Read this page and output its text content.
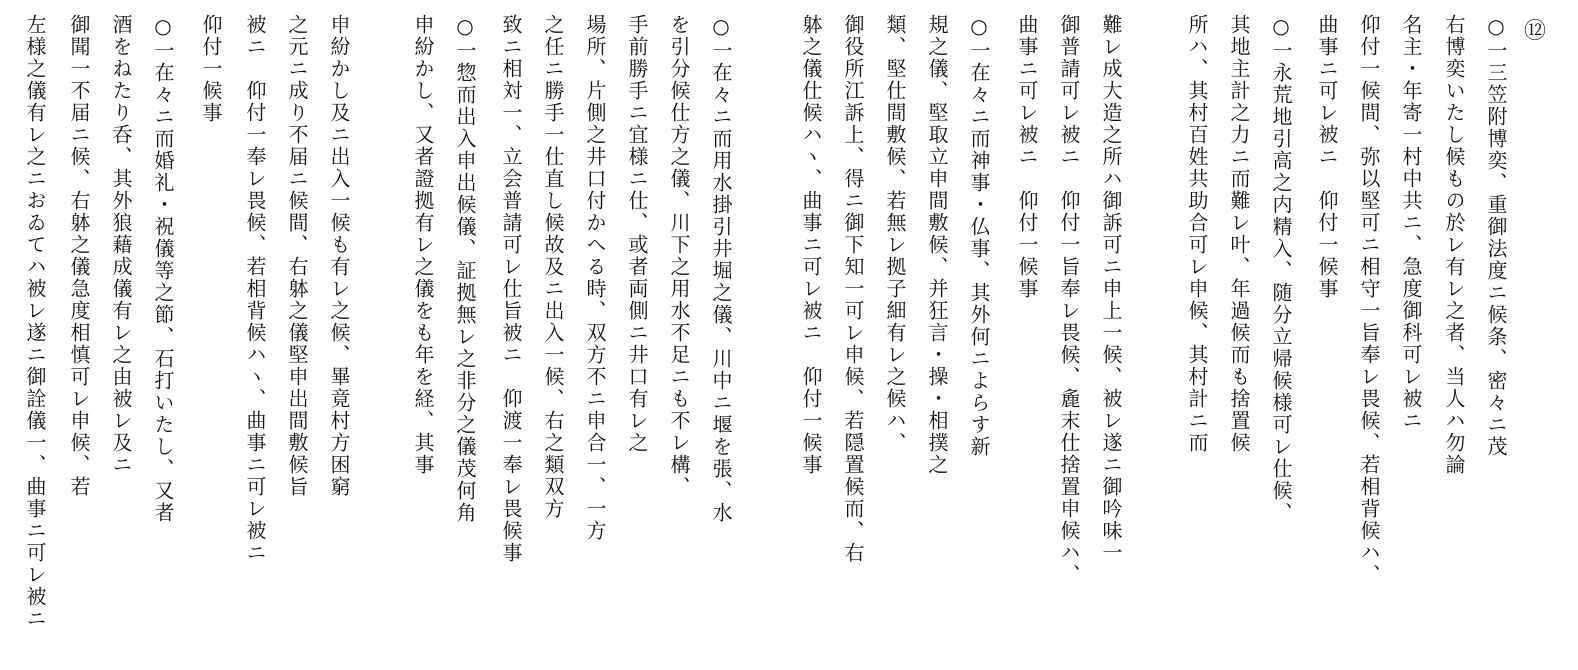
⑫
○一三笠附博奕、重御法度ニ候条、密々ニ茂
右博奕いたし候もの於レ有レ之者、当人ハ勿論
名主・年寄一村中共ニ、急度御科可レ被ニ
仰付一候間、弥以堅可ニ相守一旨奉レ畏候、若相背候ハ、
曲事ニ可レ被ニ　仰付一候事
○一永荒地引高之内精入、随分立帰候様可レ仕候、
其地主計之力ニ而難レ叶、年過候而も捨置候
所ハ、其村百姓共助合可レ申候、其村計ニ而
難レ成大造之所ハ御訴可ニ申上一候、被レ遂ニ御吟味一
御普請可レ被ニ　仰付一旨奉レ畏候、麁末仕捨置申候ハ、
曲事ニ可レ被ニ　仰付一候事
○一在々ニ而神事・仏事、其外何ニよらす新
規之儀、堅取立申間敷候、并狂言・操・相撲之
類、堅仕間敷候、若無レ拠子細有レ之候ハ、
御役所江訴上、得ニ御下知一可レ申候、若隠置候而、右
躰之儀仕候ハヽ、曲事ニ可レ被ニ　仰付一候事
○一在々ニ而用水掛引井堀之儀、川中ニ堰を張、水
を引分候仕方之儀、川下之用水不足ニも不レ構、
手前勝手ニ宜様ニ仕、或者両側ニ井口有レ之
場所、片側之井口付かへる時、双方不ニ申合一、一方
之任ニ勝手一仕直し候故及ニ出入一候、右之類双方
致ニ相対一、立会普請可レ仕旨被ニ　仰渡一奉レ畏候事
○一惣而出入申出候儀、証拠無レ之非分之儀茂何角
申紛かし、又者證拠有レ之儀をも年を経、其事
申紛かし及ニ出入一候も有レ之候、畢竟村方困窮
之元ニ成り不届ニ候間、右躰之儀堅申出間敷候旨
被ニ　仰付一奉レ畏候、若相背候ハヽ、曲事ニ可レ被ニ
仰付一候事
○一在々ニ而婚礼・祝儀等之節、石打いたし、又者
酒をねたり呑、其外狼藉成儀有レ之由被レ及ニ
御聞一不届ニ候、右躰之儀急度相慎可レ申候、若
左様之儀有レ之ニおゐてハ被レ遂ニ御詮儀一、曲事ニ可レ被ニ
